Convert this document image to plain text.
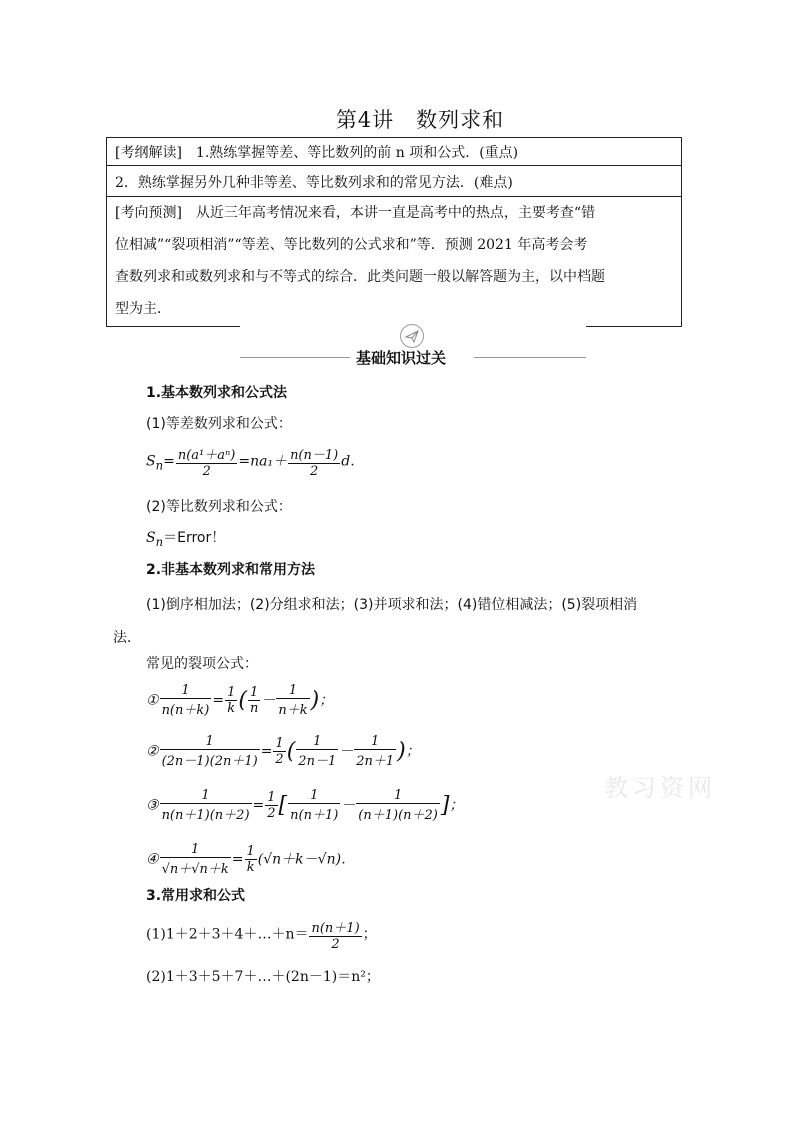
第4讲　数列求和
[考纲解读]　1.熟练掌握等差、等比数列的前 n 项和公式．(重点)
2．熟练掌握另外几种非等差、等比数列求和的常见方法．(难点)
[考向预测]　从近三年高考情况来看，本讲一直是高考中的热点，主要考查“错
位相减”“裂项相消”“等差、等比数列的公式求和”等．预测 2021 年高考会考
查数列求和或数列求和与不等式的综合．此类问题一般以解答题为主，以中档题
型为主．
基础知识过关
1.基本数列求和公式法
(1)等差数列求和公式：
$S_n= \frac{\text{n(a¹＋aⁿ)}}{2} =na_1+ \frac{n(n-1)}{2} d$.
(2)等比数列求和公式：
$S_n=Error$！
2.非基本数列求和常用方法
(1)倒序相加法；(2)分组求和法；(3)并项求和法；(4)错位相减法；(5)裂项相消
法．
常见的裂项公式：
① $\frac{1}{n(n+k)} = \frac{1}{k}$ ( $\frac{1}{n} - \frac{1}{n+k}$ )；
② $\frac{1}{(2n-1)(2n+1)} = \frac{1}{2}$ ( $\frac{1}{2n-1} - \frac{1}{2n+1}$ )；
③ $\frac{1}{n(n+1)(n+2)} = \frac{1}{2}$ [ $\frac{1}{n(n+1)} - \frac{1}{(n+1)(n+2)}$ ]；
④ $\frac{1}{√n+√n+k} = \frac{1}{k} (√n+k-√n)$．
3.常用求和公式
(1)1＋2＋3＋4＋…＋n＝ $\frac{n(n+1)}{2}$ ；
(2)1＋3＋5＋7＋…＋(2n－1)＝n²；
教习资网
